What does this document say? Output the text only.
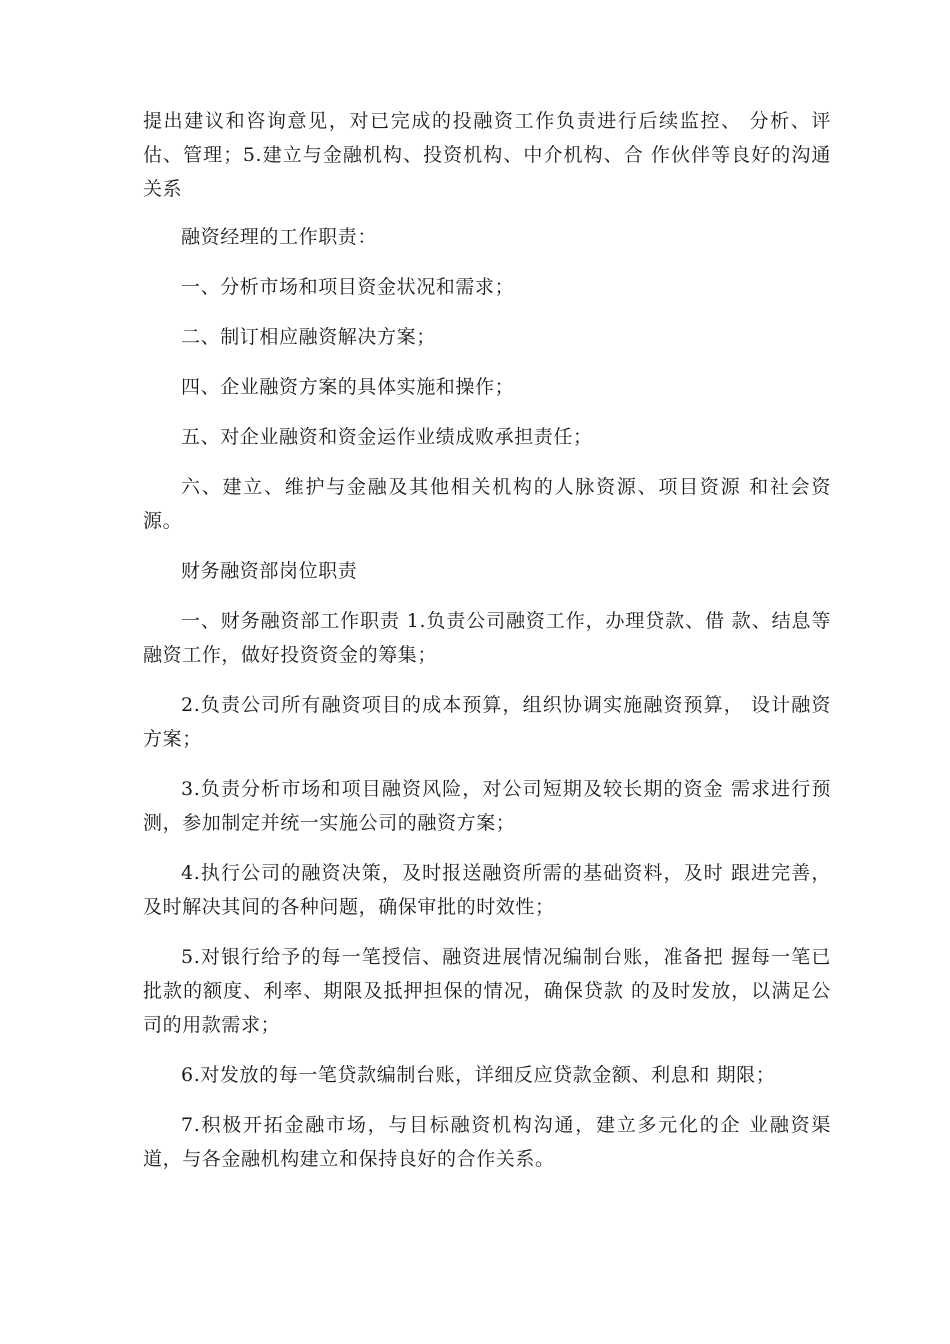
提出建议和咨询意见，对已完成的投融资工作负责进行后续监控、 分析、评估、管理；5.建立与金融机构、投资机构、中介机构、合 作伙伴等良好的沟通关系

融资经理的工作职责：

一、分析市场和项目资金状况和需求；

二、制订相应融资解决方案；

四、企业融资方案的具体实施和操作；

五、对企业融资和资金运作业绩成败承担责任；

六、建立、维护与金融及其他相关机构的人脉资源、项目资源 和社会资源。

财务融资部岗位职责

一、财务融资部工作职责 1.负责公司融资工作，办理贷款、借 款、结息等融资工作，做好投资资金的筹集；

2.负责公司所有融资项目的成本预算，组织协调实施融资预算， 设计融资方案；

3.负责分析市场和项目融资风险，对公司短期及较长期的资金 需求进行预测，参加制定并统一实施公司的融资方案；

4.执行公司的融资决策，及时报送融资所需的基础资料，及时 跟进完善，及时解决其间的各种问题，确保审批的时效性；

5.对银行给予的每一笔授信、融资进展情况编制台账，准备把 握每一笔已批款的额度、利率、期限及抵押担保的情况，确保贷款 的及时发放，以满足公司的用款需求；

6.对发放的每一笔贷款编制台账，详细反应贷款金额、利息和 期限；

7.积极开拓金融市场，与目标融资机构沟通，建立多元化的企 业融资渠道，与各金融机构建立和保持良好的合作关系。
